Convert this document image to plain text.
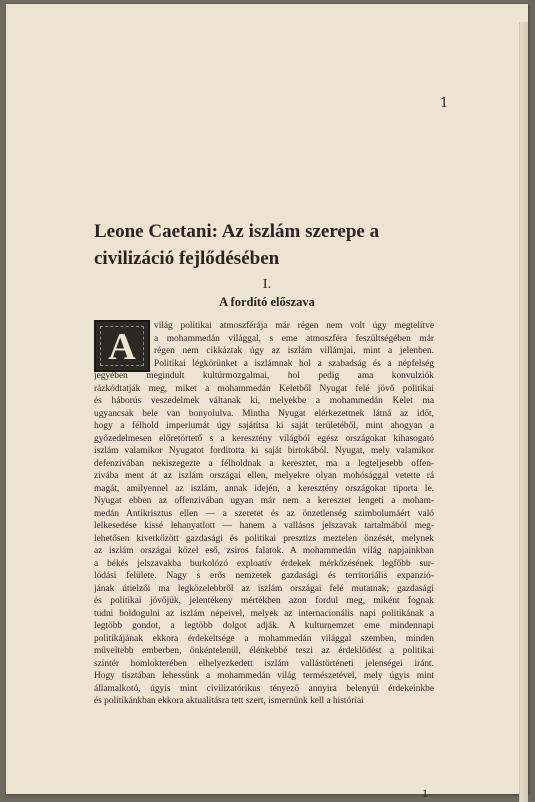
1
Leone Caetani: Az iszlám szerepe a civilizáció fejlődésében
I.
A fordító előszava
A	világ politikai atmoszférája már régen nem volt úgy megtelítve
a mohammedán világgal, s eme atmoszféra feszültségében már
régen nem cikkáztak úgy az iszlám villámjai, mint a jelenben.
Politikai légkörünket a iszlámnak hol a szabadság és a népfelség
jegyében megindult kultúrmozgalmai, hol pedig ama konvulziók
rázkódtatják meg, miket a mohammedán Keletből Nyugat felé jövő politikai
és háborús veszedelmek váltanak ki, melyekbe a mohammedán Kelet ma
ugyancsak bele van bonyolulva. Mintha Nyugat elérkezettnek látná az időt,
hogy a félhold imperiumát úgy sajátítsa ki saját területéből, mint ahogyan a
győzedelmesen előretörtető s a keresztény világból egész országokat kihasogató
iszlám valamikor Nyugatot forditotta ki saját birtokából. Nyugat, mely valamikor
defenzivában nekiszegezte a félholdnak a keresztet, ma a legteljesebb offen-
zivába ment át az iszlám országai ellen, melyekre olyan mohósággal vetette rá
magát, amilyennel az iszlám, annak idején, a keresztény országokat tiporta le.
Nyugat ebben az offenzivában ugyan már nem a keresztet lengeti a moham-
medán Antikrisztus ellen — a szeretet és az önzetlenség szimbolumáért való
lelkesedése kissé lehanyatlott — hanem a vallásos jelszavak tartalmából meg-
lehetősen kivetkőzött gazdasági és politikai presztizs meztelen önzését, melynek
az iszlám országai közel eső, zsiros falatok. A mohammedán világ napjainkban
a békés jelszavakba burkolózó exploatív érdekek mérkőzésének legfőbb sur-
lódási felülete. Nagy s erős nemzetek gazdasági és territoriális expanzió-
jának útielzői ma legközelebbről az iszlám országai felé mutatnak; gazdasági
és politikai jövőjük, jelentékeny mértékben azon fordul meg, miként fognak
tudni boldogulni az iszlám népeivel, melyek az internacionális napi politikának a
legtöbb gondot, a legtöbb dolgot adják. A kulturnemzet eme mindennapi
politikájának ekkora érdekeltsége a mohammedán világgal szemben, minden
műveltebb emberben, önkéntelenül, élénkebbé teszi az érdeklődést a politikai
szintér homlokterében elhelyezkedett iszlám vallástörténeti jelenségei iránt.
Hogy tisztában lehessünk a mohammedán világ természetével, mely úgyis mint
államalkotó, úgyis mint civilizatórikus tényező annyira belenyúl érdekeinkbe
és politikánkban ekkora aktualitásra tett szert, ismernünk kell a históriai
1
